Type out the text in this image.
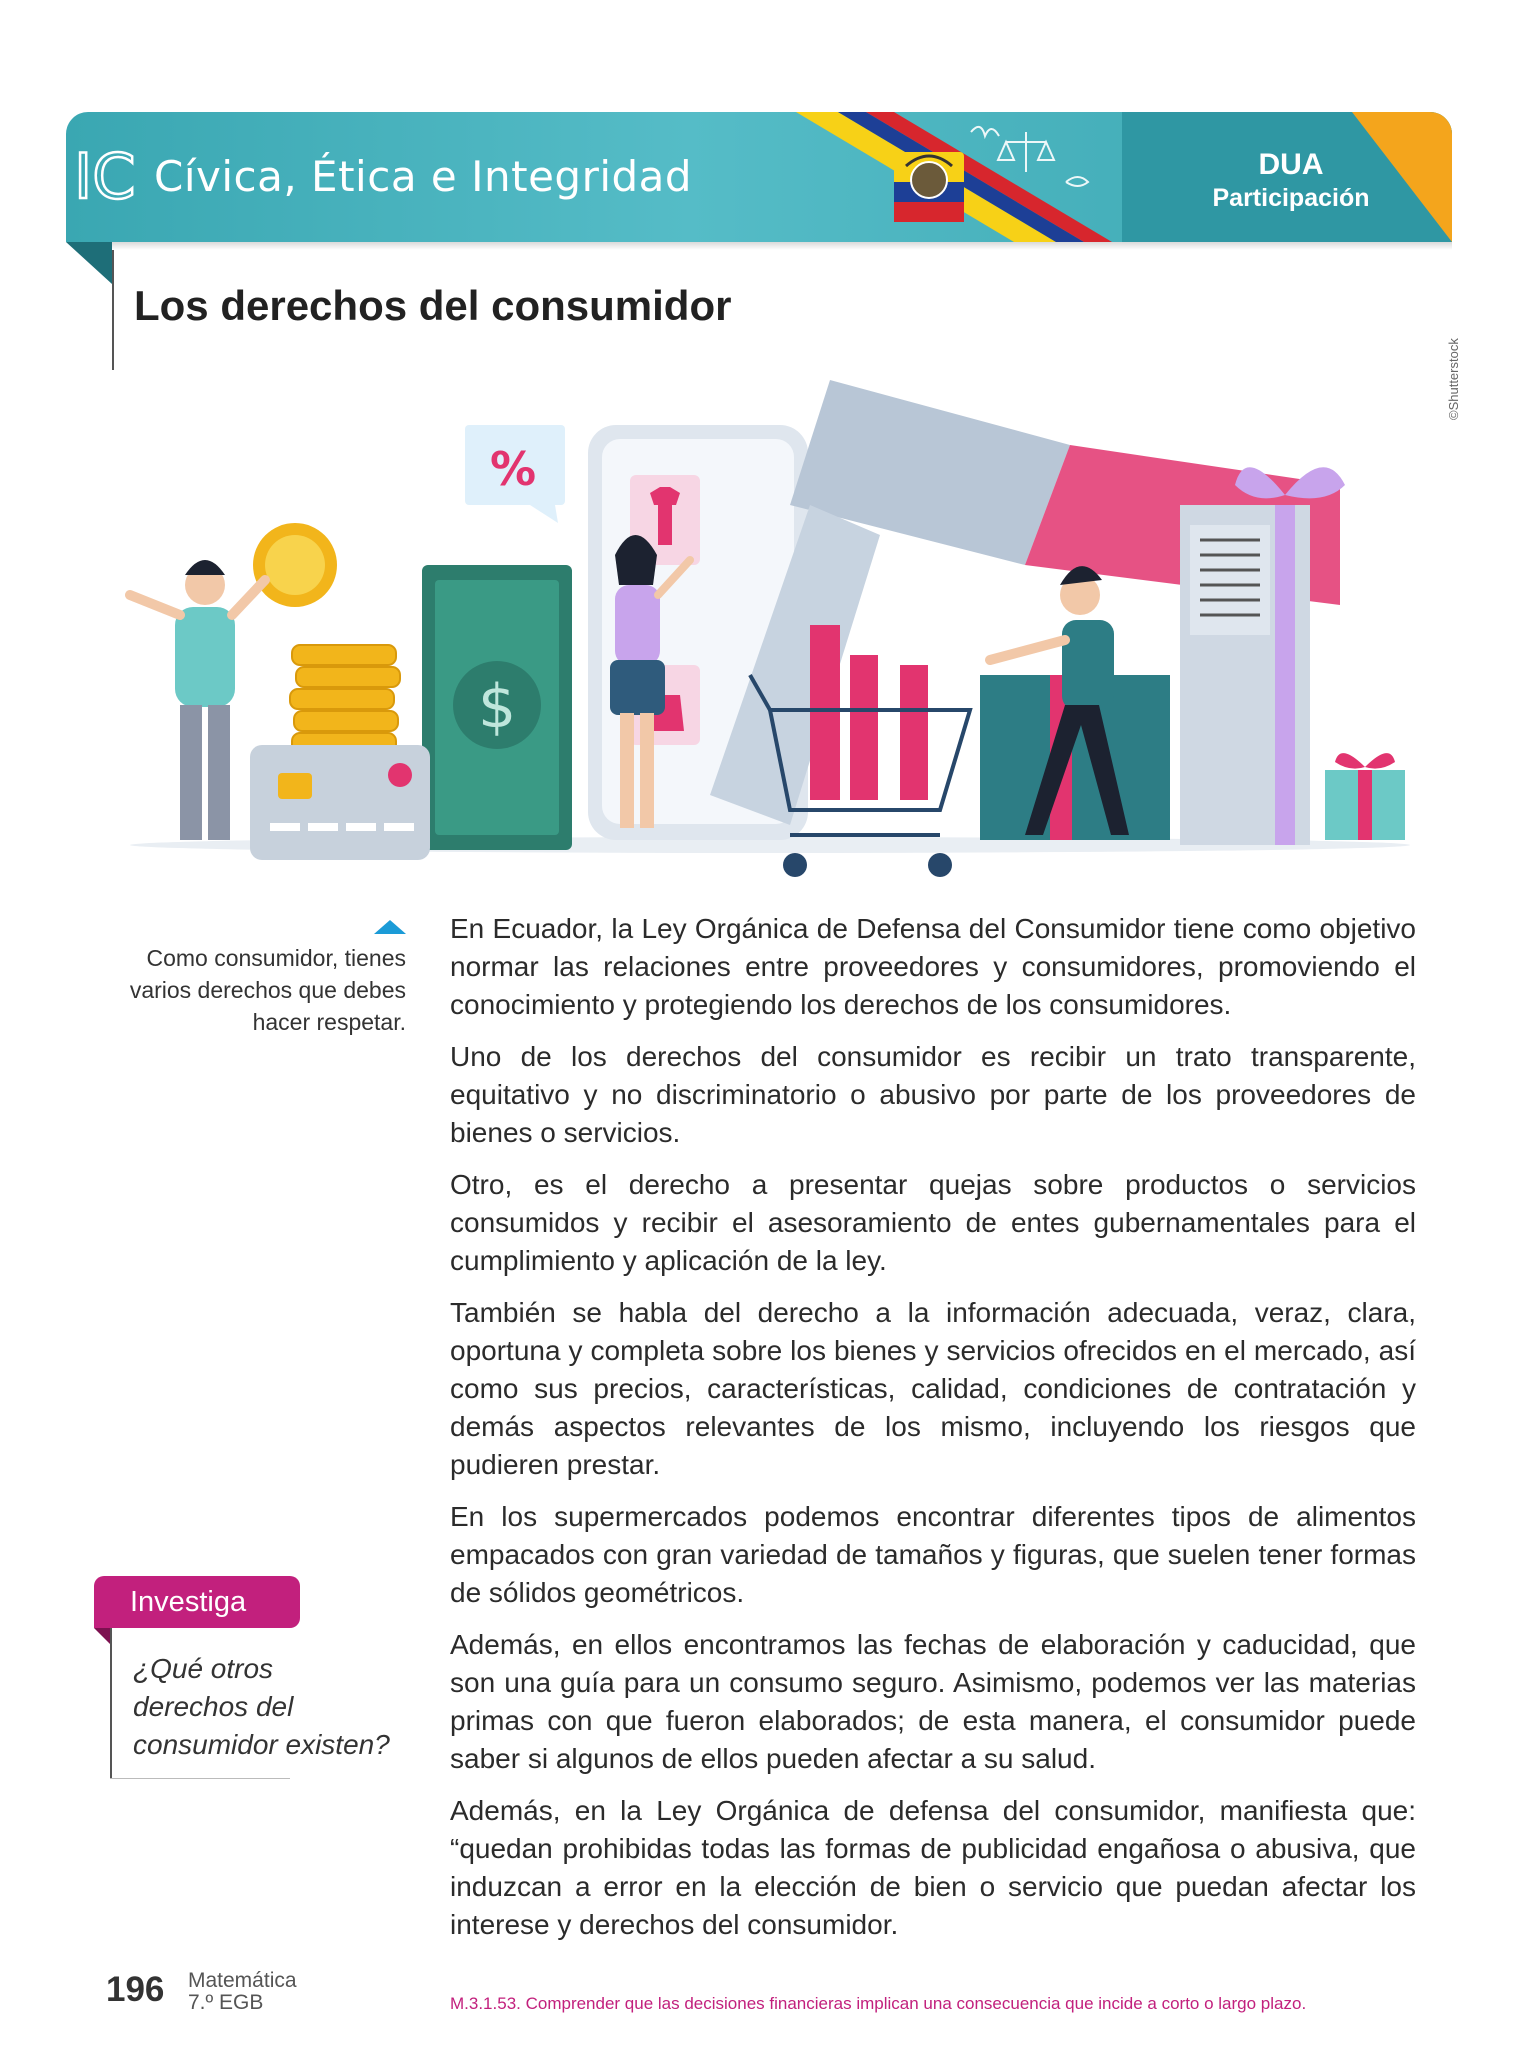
IC Cívica, Ética e Integridad	DUA
Participación
Los derechos del consumidor
©Shutterstock
$
%
Como consumidor, tienes varios derechos que debes hacer respetar.

En Ecuador, la Ley Orgánica de Defensa del Consumidor tiene como objetivo normar las relaciones entre proveedores y consumidores, promoviendo el conocimiento y protegiendo los derechos de los consumidores.

Uno de los derechos del consumidor es recibir un trato transparente, equitativo y no discriminatorio o abusivo por parte de los proveedores de bienes o servicios.

Otro, es el derecho a presentar quejas sobre productos o servicios consumidos y recibir el asesoramiento de entes gubernamentales para el cumplimiento y aplicación de la ley.

También se habla del derecho a la información adecuada, veraz, clara, oportuna y completa sobre los bienes y servicios ofrecidos en el mercado, así como sus precios, características, calidad, condiciones de contratación y demás aspectos relevantes de los mismo, incluyendo los riesgos que pudieren prestar.

En los supermercados podemos encontrar diferentes tipos de alimentos empacados con gran variedad de tamaños y figuras, que suelen tener formas de sólidos geométricos.

Además, en ellos encontramos las fechas de elaboración y caducidad, que son una guía para un consumo seguro. Asimismo, podemos ver las materias primas con que fueron elaborados; de esta manera, el consumidor puede saber si algunos de ellos pueden afectar a su salud.

Además, en la Ley Orgánica de defensa del consumidor, manifiesta que: “quedan prohibidas todas las formas de publicidad engañosa o abusiva, que induzcan a error en la elección de bien o servicio que puedan afectar los interese y derechos del consumidor.

Investiga
¿Qué otros derechos del consumidor existen?
196 Matemática
7.º EGB	M.3.1.53. Comprender que las decisiones financieras implican una consecuencia que incide a corto o largo plazo.
